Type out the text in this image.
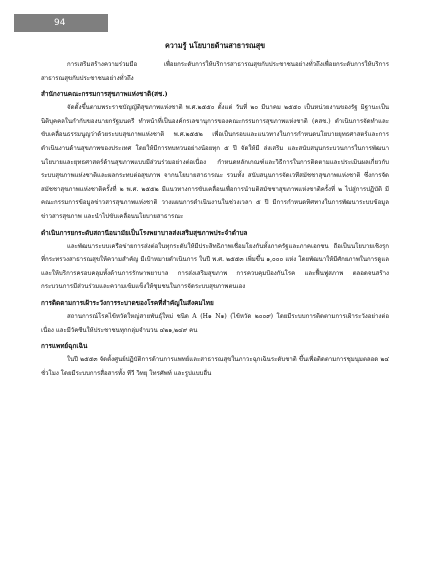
94
ความรู้ นโยบายด้านสาธารณสุข

การเสริมสร้างความร่วมมือ เพื่อยกระดับการให้บริการสาธารณสุขกับประชาชนอย่างทั่วถึงเพื่อยกระดับการให้บริการสาธารณสุขกับประชาชนอย่างทั่วถึง

สำนักงานคณะกรรมการสุขภาพแห่งชาติ(สช.)

จัดตั้งขึ้นตามพระราชบัญญัติสุขภาพแห่งชาติ พ.ศ.๒๕๕๐ ตั้งแต่ วันที่ ๒๐ มีนาคม ๒๕๕๐ เป็นหน่วยงานของรัฐ มิฐานะเป็นนิติบุคคลในกำกับของนายกรัฐมนตรี ทำหน้าที่เป็นองค์กรเลขานุการของคณะกรรมการสุขภาพแห่งชาติ (คสช.) ดำเนินการจัดทำและขับเคลื่อนธรรมนูญว่าด้วยระบบสุขภาพแห่งชาติ พ.ศ.๒๕๕๒ เพื่อเป็นกรอบและแนวทางในการกำหนดนโยบายยุทธศาสตร์และการดำเนินงานด้านสุขภาพของประเทศ โดยให้มีการทบทวนอย่างน้อยทุก ๕ ปี จัดให้มี ส่งเสริม และสนับสนุนกระบวนการในการพัฒนานโยบายและยุทธศาสตร์ด้านสุขภาพแบบมีส่วนร่วมอย่างต่อเนื่อง กำหนดหลักเกณฑ์และวิธีการในการติดตามและประเมินผลเกี่ยวกับระบบสุขภาพแห่งชาติและผลกระทบต่อสุขภาพ จากนโยบายสาธารณะ รวมทั้ง สนับสนุนการจัดเวทีสมัชชาสุขภาพแห่งชาติ ซึ่งการจัดสมัชชาสุขภาพแห่งชาติครั้งที่ ๒ พ.ศ. ๒๕๕๒ มีแนวทางการขับเคลื่อนเพื่อการนำมติสมัชชาสุขภาพแห่งชาติครั้งที่ ๒ ไปสู่การปฏิบัติ มีคณะกรรมการข้อมูลข่าวสารสุขภาพแห่งชาติ วางแผนการดำเนินงานในช่วงเวลา ๕ ปี มีการกำหนดทิศทางในการพัฒนาระบบข้อมูลข่าวสารสุขภาพ และนำไปขับเคลื่อนนโยบายสาธารณะ

ดำเนินการยกระดับสถานีอนามัยเป็นโรงพยาบาลส่งเสริมสุขภาพประจำตำบล

และพัฒนาระบบเครือข่ายการส่งต่อในทุกระดับให้มีประสิทธิภาพเชื่อมโยงกันทั้งภาครัฐและภาคเอกชน ถือเป็นนโยบายเชิงรุก ที่กระทรวงสาธารณสุขให้ความสำคัญ มีเป้าหมายดำเนินการ ในปี พ.ศ. ๒๕๕๓ เพิ่มขึ้น ๑,๐๐๐ แห่ง โดยพัฒนาให้มีศักยภาพในการดูแลและให้บริการครอบคลุมทั้งด้านการรักษาพยาบาล การส่งเสริมสุขภาพ การควบคุมป้องกันโรค และฟื้นฟูสภาพ ตลอดจนสร้างกระบวนการมีส่วนร่วมและความเข้มแข็งให้ชุมชนในการจัดระบบสุขภาพตนเอง

การติดตามการเฝ้าระวังการระบาดของโรคที่สำคัญในสังคมไทย

สถานการณ์โรคไข้หวัดใหญ่สายพันธุ์ใหม่ ชนิด A (H๑ N๑) (ไข้หวัด ๒๐๐๙) โดยมีระบบการติดตามการเฝ้าระวังอย่างต่อเนื่อง และมีวัคซีนให้ประชาชนทุกกลุ่มจำนวน ๔๒๑,๒๔๙ คน

การแพทย์ฉุกเฉิน

ในปี ๒๕๕๓ จัดตั้งศูนย์ปฏิบัติการด้านการแพทย์และสาธารณสุขในภาวะฉุกเฉินระดับชาติ ขึ้นเพื่อติดตามการชุมนุมตลอด ๒๔ ชั่วโมง โดยมีระบบการสื่อสารทั้ง ทีวี วิทยุ โทรศัพท์ และรูปแบบอื่น
